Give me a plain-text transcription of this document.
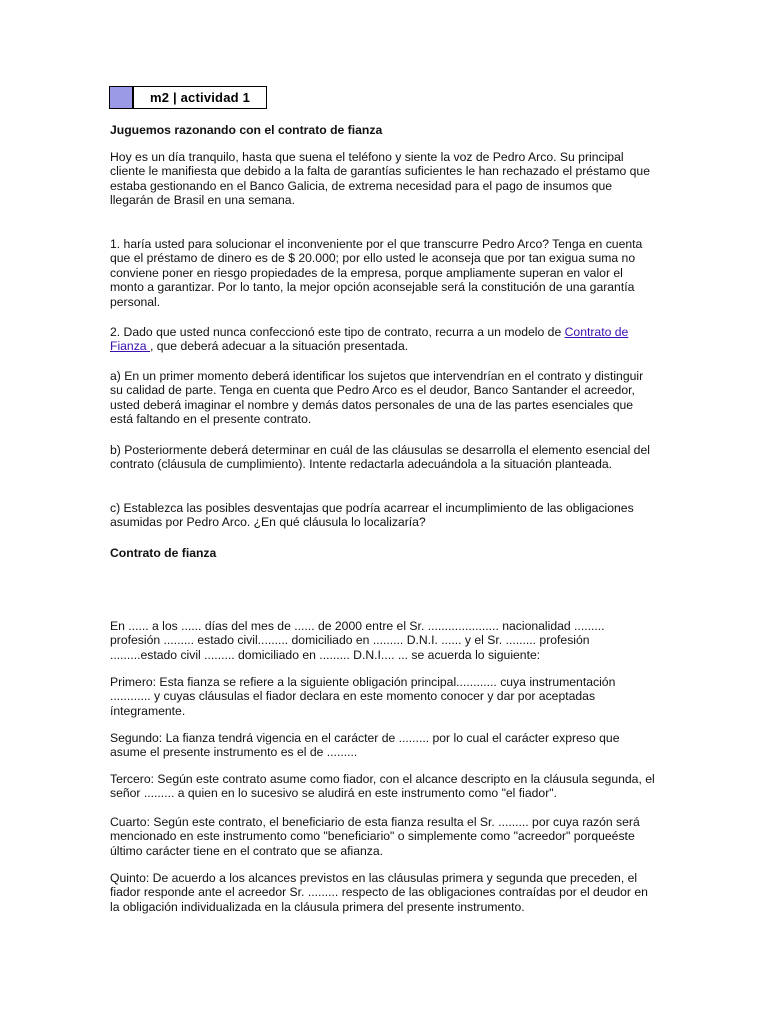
m2 | actividad 1

Juguemos razonando con el contrato de fianza

Hoy es un día tranquilo, hasta que suena el teléfono y siente la voz de Pedro Arco. Su principal cliente le manifiesta que debido a la falta de garantías suficientes le han rechazado el préstamo que estaba gestionando en el Banco Galicia, de extrema necesidad para el pago de insumos que llegarán de Brasil en una semana.

1. haría usted para solucionar el inconveniente por el que transcurre Pedro Arco? Tenga en cuenta que el préstamo de dinero es de $ 20.000; por ello usted le aconseja que por tan exigua suma no conviene poner en riesgo propiedades de la empresa, porque ampliamente superan en valor el monto a garantizar. Por lo tanto, la mejor opción aconsejable será la constitución de una garantía personal.

2. Dado que usted nunca confeccionó este tipo de contrato, recurra a un modelo de Contrato de Fianza , que deberá adecuar a la situación presentada.

a) En un primer momento deberá identificar los sujetos que intervendrían en el contrato y distinguir su calidad de parte. Tenga en cuenta que Pedro Arco es el deudor, Banco Santander el acreedor, usted deberá imaginar el nombre y demás datos personales de una de las partes esenciales que está faltando en el presente contrato.

b) Posteriormente deberá determinar en cuál de las cláusulas se desarrolla el elemento esencial del contrato (cláusula de cumplimiento). Intente redactarla adecuándola a la situación planteada.

c) Establezca las posibles desventajas que podría acarrear el incumplimiento de las obligaciones asumidas por Pedro Arco. ¿En qué cláusula lo localizaría?

Contrato de fianza

En ...... a los ...... días del mes de ...... de 2000 entre el Sr. ..................... nacionalidad ......... profesión ......... estado civil......... domiciliado en ......... D.N.I. ...... y el Sr. ......... profesión .........estado civil ......... domiciliado en ......... D.N.I.... ... se acuerda lo siguiente:

Primero: Esta fianza se refiere a la siguiente obligación principal............ cuya instrumentación ............ y cuyas cláusulas el fiador declara en este momento conocer y dar por aceptadas íntegramente.

Segundo: La fianza tendrá vigencia en el carácter de ......... por lo cual el carácter expreso que asume el presente instrumento es el de .........

Tercero: Según este contrato asume como fiador, con el alcance descripto en la cláusula segunda, el señor ......... a quien en lo sucesivo se aludirá en este instrumento como "el fiador".

Cuarto: Según este contrato, el beneficiario de esta fianza resulta el Sr. ......... por cuya razón será mencionado en este instrumento como "beneficiario" o simplemente como "acreedor" porqueéste último carácter tiene en el contrato que se afianza.

Quinto: De acuerdo a los alcances previstos en las cláusulas primera y segunda que preceden, el fiador responde ante el acreedor Sr. ......... respecto de las obligaciones contraídas por el deudor en la obligación individualizada en la cláusula primera del presente instrumento.
